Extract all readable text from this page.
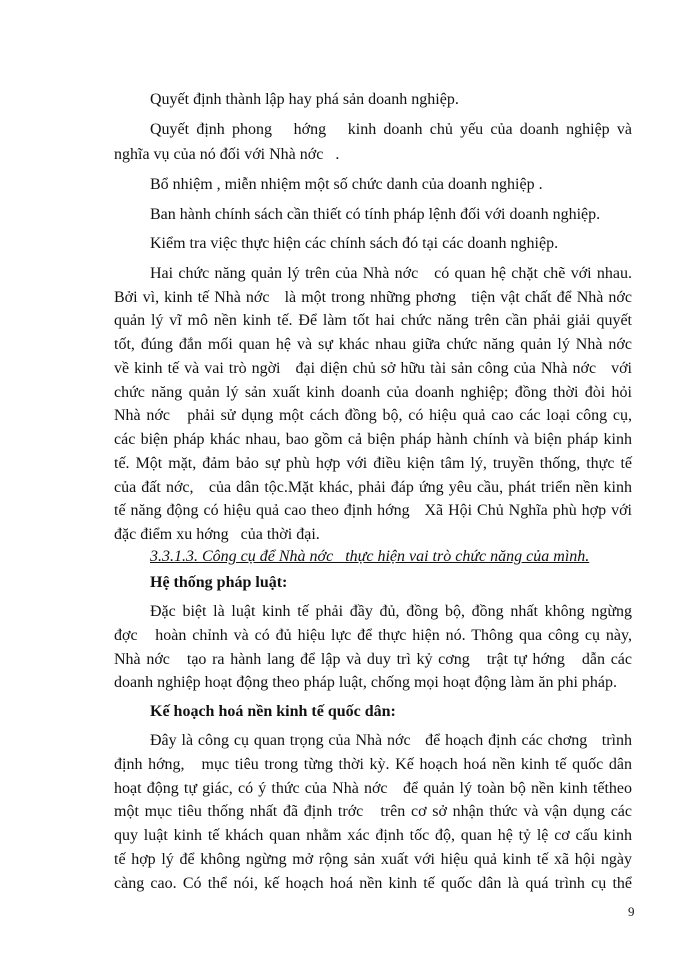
Quyết định thành lập hay phá sản doanh nghiệp.
Quyết định phong   hớng   kinh doanh chủ yếu của doanh nghiệp và
nghĩa vụ của nó đối với Nhà nớc   .
Bổ nhiệm , miễn nhiệm một số chức danh của doanh nghiệp .
Ban hành chính sách cần thiết có tính pháp lệnh đối với doanh nghiệp.
Kiểm tra việc thực hiện các chính sách đó tại các doanh nghiệp.
Hai chức năng quản lý trên của Nhà nớc   có quan hệ chặt chẽ với nhau.
Bởi vì, kinh tế Nhà nớc   là một trong những phơng   tiện vật chất để Nhà nớc
quản lý vĩ mô nền kinh tế. Để làm tốt hai chức năng trên cần phải giải quyết
tốt, đúng đắn mối quan hệ và sự khác nhau giữa chức năng quản lý Nhà nớc
về kinh tế và vai trò ngời   đại diện chủ sở hữu tài sản công của Nhà nớc   với
chức năng quản lý sản xuất kinh doanh của doanh nghiệp; đồng thời đòi hỏi
Nhà nớc   phải sử dụng một cách đồng bộ, có hiệu quả cao các loại công cụ,
các biện pháp khác nhau, bao gồm cả biện pháp hành chính và biện pháp kinh
tế. Một mặt, đảm bảo sự phù hợp với điều kiện tâm lý, truyền thống, thực tế
của đất nớc,   của dân tộc.Mặt khác, phải đáp ứng yêu cầu, phát triển nền kinh
tế năng động có hiệu quả cao theo định hớng   Xã Hội Chủ Nghĩa phù hợp với
đặc điểm xu hớng   của thời đại.
3.3.1.3. Công cụ để Nhà nớc   thực hiện vai trò chức năng của mình.
Hệ thống pháp luật:
Đặc biệt là luật kinh tế phải đầy đủ, đồng bộ, đồng nhất không ngừng
đợc   hoàn chỉnh và có đủ hiệu lực để thực hiện nó. Thông qua công cụ này,
Nhà nớc   tạo ra hành lang để lập và duy trì kỷ cơng   trật tự hớng   dẫn các
doanh nghiệp hoạt động theo pháp luật, chống mọi hoạt động làm ăn phi pháp.
Kế hoạch hoá nền kinh tế quốc dân:
Đây là công cụ quan trọng của Nhà nớc   để hoạch định các chơng   trình
định hớng,   mục tiêu trong từng thời kỳ. Kế hoạch hoá nền kinh tế quốc dân
hoạt động tự giác, có ý thức của Nhà nớc   để quản lý toàn bộ nền kinh tếtheo
một mục tiêu thống nhất đã định trớc   trên cơ sở nhận thức và vận dụng các
quy luật kinh tế khách quan nhằm xác định tốc độ, quan hệ tỷ lệ cơ cấu kinh
tế hợp lý để không ngừng mở rộng sản xuất với hiệu quả kinh tế xã hội ngày
càng cao. Có thể nói, kế hoạch hoá nền kinh tế quốc dân là quá trình cụ thể
9
